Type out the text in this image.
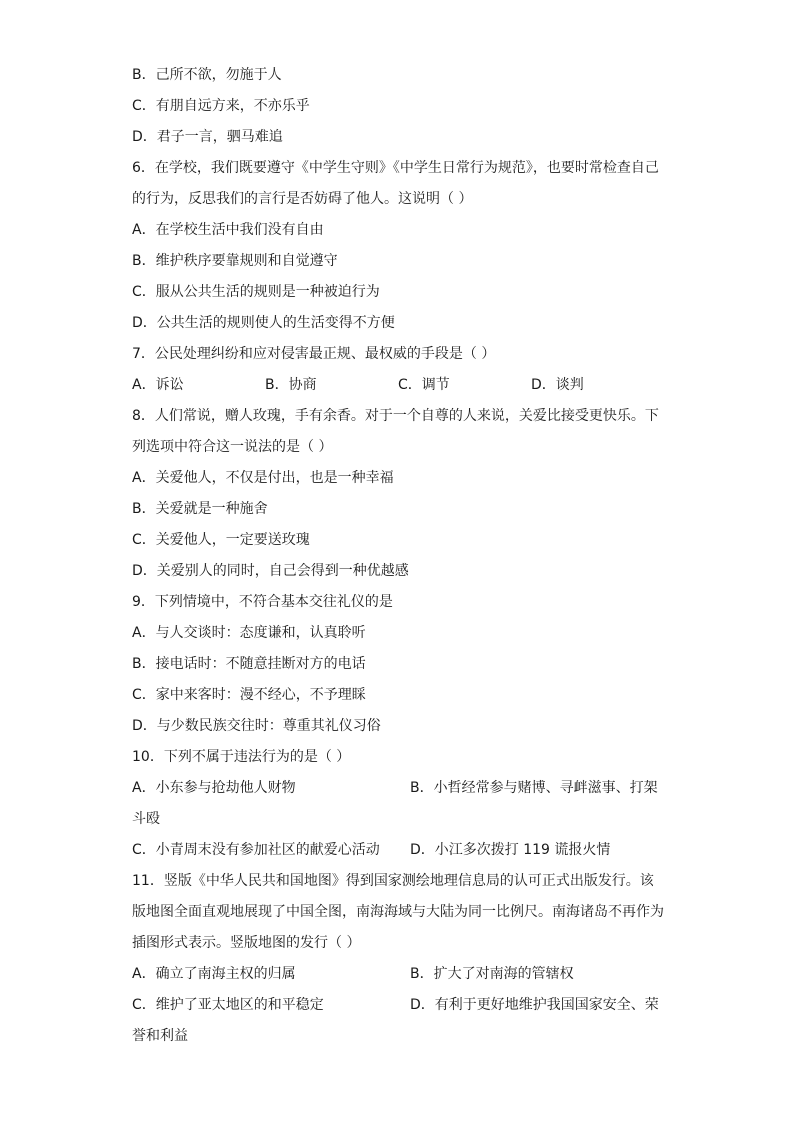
B．己所不欲，勿施于人
C．有朋自远方来，不亦乐乎
D．君子一言，驷马难追
6．在学校，我们既要遵守《中学生守则》《中学生日常行为规范》，也要时常检查自己
的行为，反思我们的言行是否妨碍了他人。这说明（ ）
A．在学校生活中我们没有自由
B．维护秩序要靠规则和自觉遵守
C．服从公共生活的规则是一种被迫行为
D．公共生活的规则使人的生活变得不方便
7．公民处理纠纷和应对侵害最正规、最权威的手段是（ ）
A．诉讼	B．协商	C．调节	D．谈判
8．人们常说，赠人玫瑰，手有余香。对于一个自尊的人来说，关爱比接受更快乐。下
列选项中符合这一说法的是（ ）
A．关爱他人，不仅是付出，也是一种幸福
B．关爱就是一种施舍
C．关爱他人，一定要送玫瑰
D．关爱别人的同时，自己会得到一种优越感
9．下列情境中，不符合基本交往礼仪的是
A．与人交谈时：态度谦和，认真聆听
B．接电话时：不随意挂断对方的电话
C．家中来客时：漫不经心，不予理睬
D．与少数民族交往时：尊重其礼仪习俗
10．下列不属于违法行为的是（ ）
A．小东参与抢劫他人财物	B．小哲经常参与赌博、寻衅滋事、打架
斗殴
C．小青周末没有参加社区的献爱心活动	D．小江多次拨打 119 谎报火情
11．竖版《中华人民共和国地图》得到国家测绘地理信息局的认可正式出版发行。该
版地图全面直观地展现了中国全图，南海海域与大陆为同一比例尺。南海诸岛不再作为
插图形式表示。竖版地图的发行（ ）
A．确立了南海主权的归属	B．扩大了对南海的管辖权
C．维护了亚太地区的和平稳定	D．有利于更好地维护我国国家安全、荣
誉和利益
